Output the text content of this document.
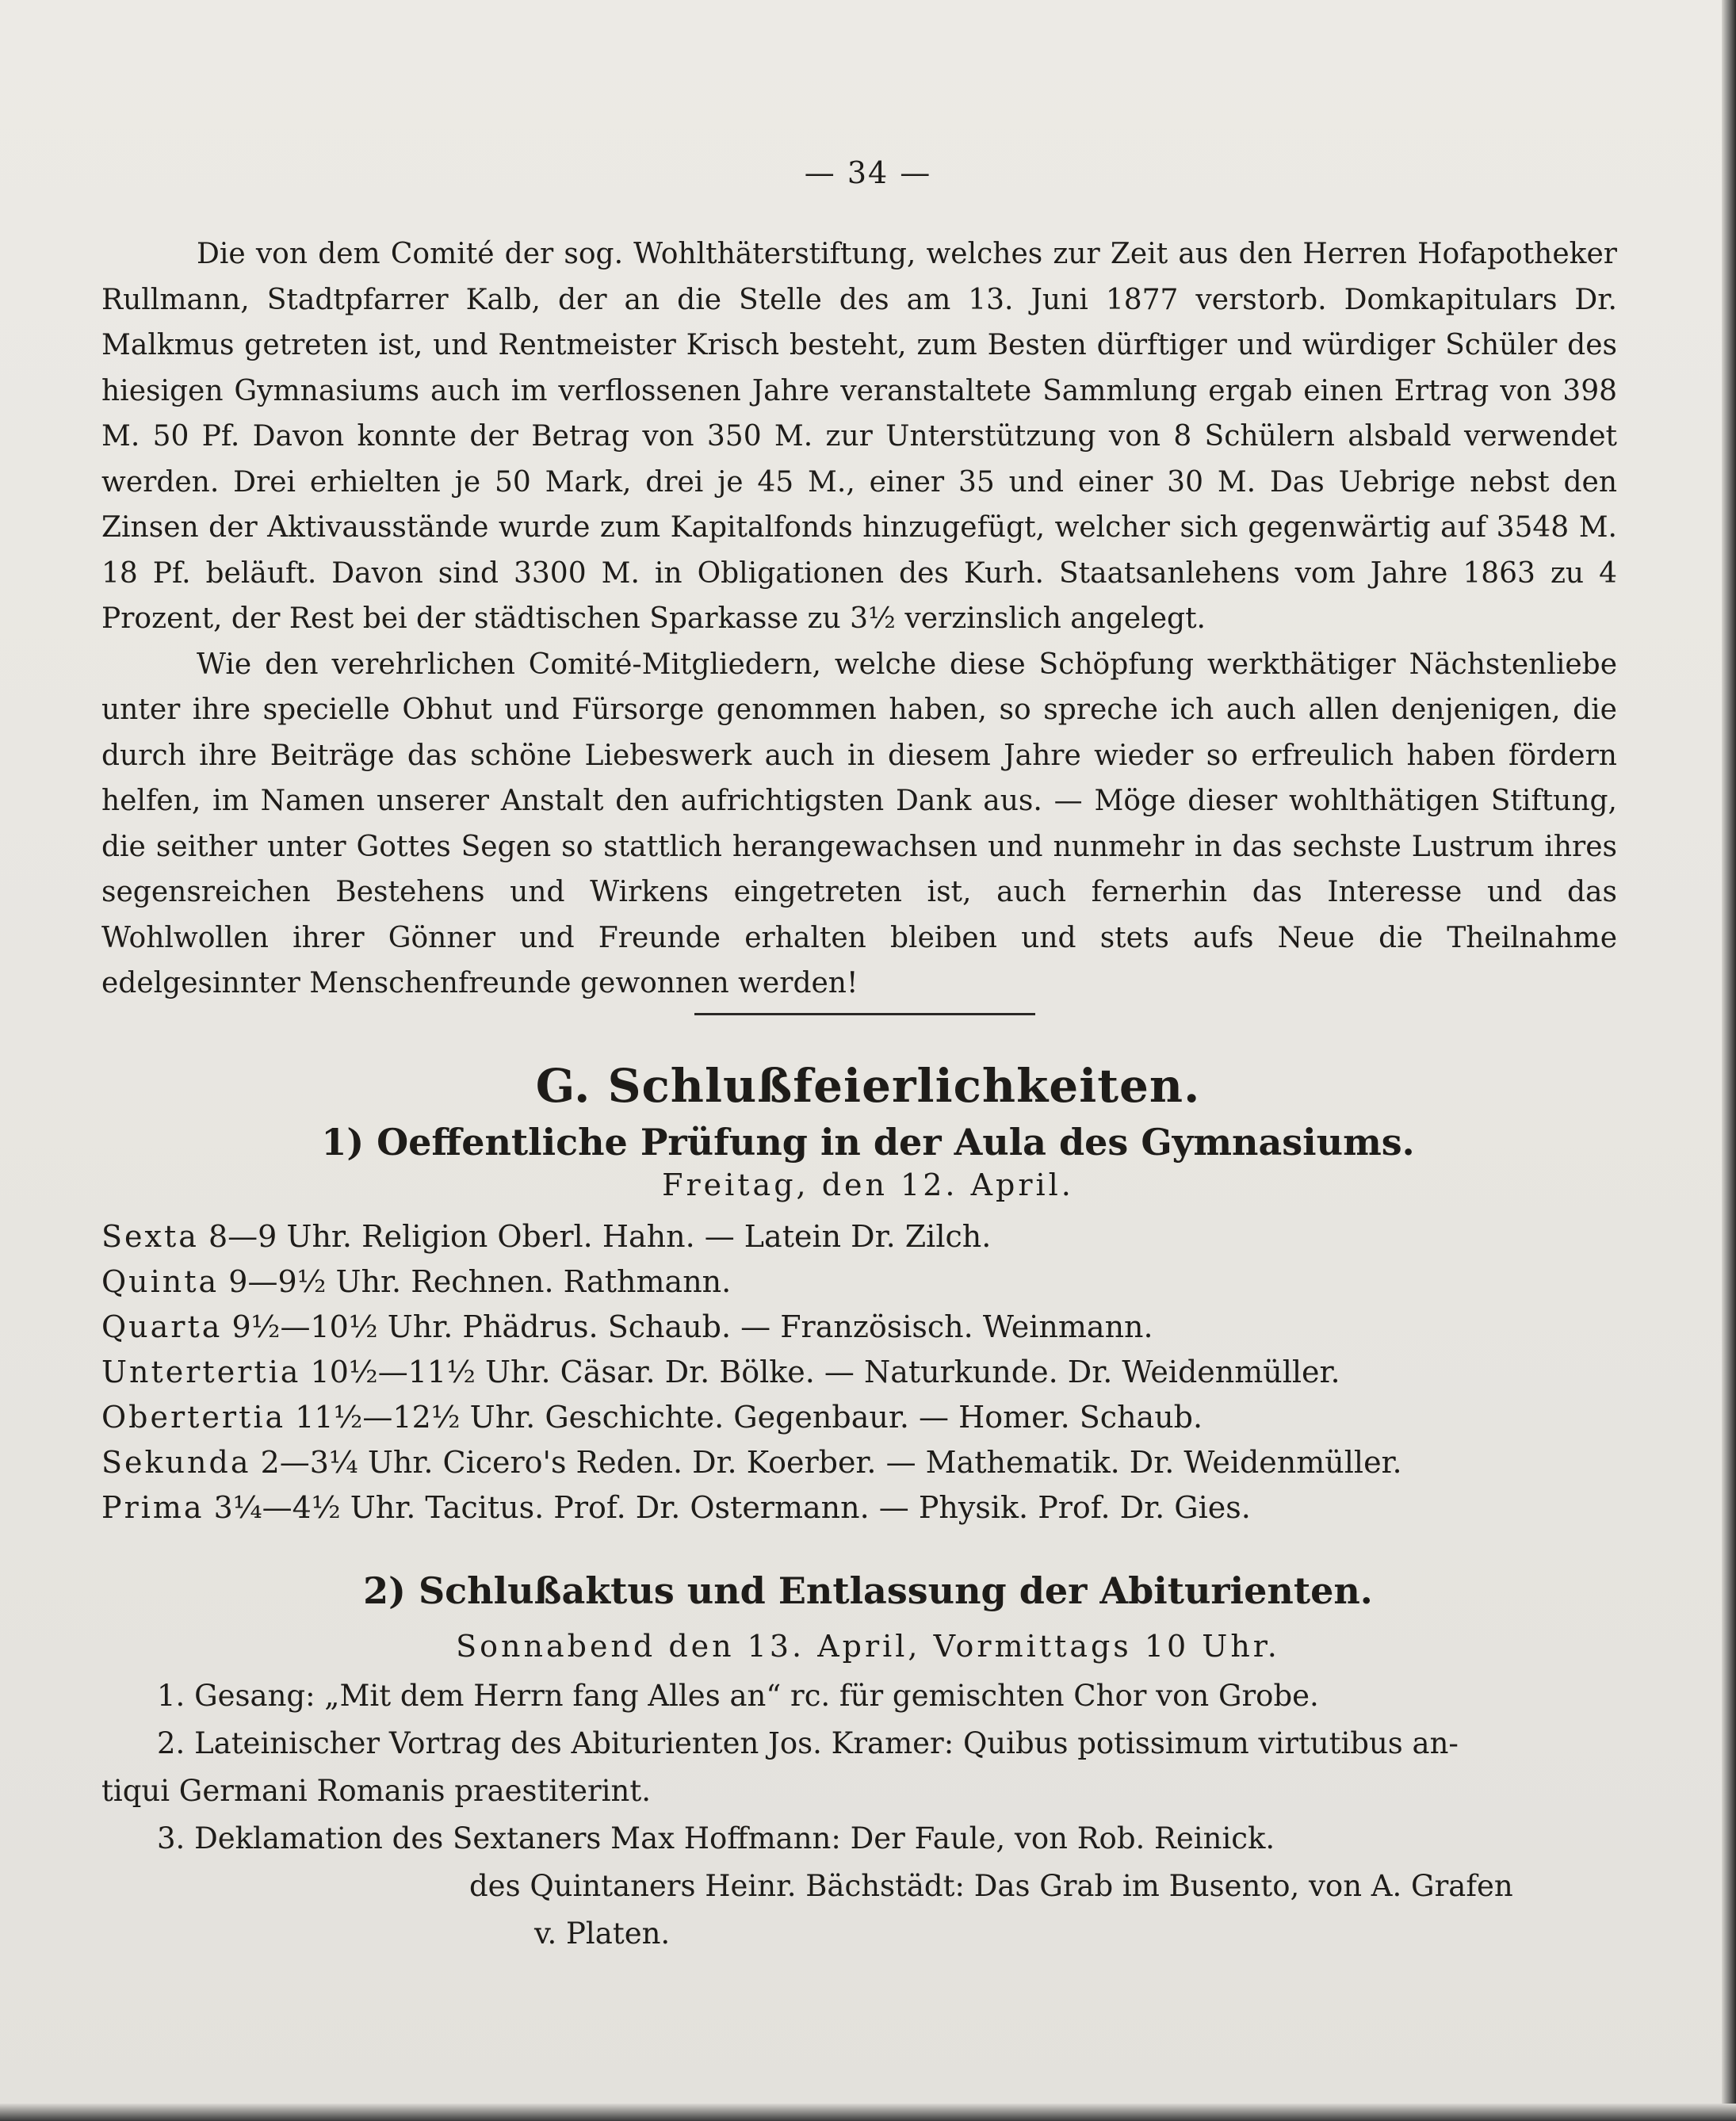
— 34 —

Die von dem Comité der sog. Wohlthäterstiftung, welches zur Zeit aus den Herren Hofapotheker Rullmann, Stadtpfarrer Kalb, der an die Stelle des am 13. Juni 1877 verstorb. Domkapitulars Dr. Malkmus getreten ist, und Rentmeister Krisch besteht, zum Besten dürftiger und würdiger Schüler des hiesigen Gymnasiums auch im verflossenen Jahre veranstaltete Sammlung ergab einen Ertrag von 398 M. 50 Pf. Davon konnte der Betrag von 350 M. zur Unterstützung von 8 Schülern alsbald verwendet werden. Drei erhielten je 50 Mark, drei je 45 M., einer 35 und einer 30 M. Das Uebrige nebst den Zinsen der Aktivausstände wurde zum Kapitalfonds hinzugefügt, welcher sich gegenwärtig auf 3548 M. 18 Pf. beläuft. Davon sind 3300 M. in Obligationen des Kurh. Staatsanlehens vom Jahre 1863 zu 4 Prozent, der Rest bei der städtischen Sparkasse zu 3½ verzinslich angelegt.

Wie den verehrlichen Comité-Mitgliedern, welche diese Schöpfung werkthätiger Nächstenliebe unter ihre specielle Obhut und Fürsorge genommen haben, so spreche ich auch allen denjenigen, die durch ihre Beiträge das schöne Liebeswerk auch in diesem Jahre wieder so erfreulich haben fördern helfen, im Namen unserer Anstalt den aufrichtigsten Dank aus. — Möge dieser wohlthätigen Stiftung, die seither unter Gottes Segen so stattlich herangewachsen und nunmehr in das sechste Lustrum ihres segensreichen Bestehens und Wirkens eingetreten ist, auch fernerhin das Interesse und das Wohlwollen ihrer Gönner und Freunde erhalten bleiben und stets aufs Neue die Theilnahme edelgesinnter Menschenfreunde gewonnen werden!

G. Schlußfeierlichkeiten.
1) Oeffentliche Prüfung in der Aula des Gymnasiums.
Freitag, den 12. April.
Sexta 8—9 Uhr. Religion Oberl. Hahn. — Latein Dr. Zilch.
Quinta 9—9½ Uhr. Rechnen. Rathmann.
Quarta 9½—10½ Uhr. Phädrus. Schaub. — Französisch. Weinmann.
Untertertia 10½—11½ Uhr. Cäsar. Dr. Bölke. — Naturkunde. Dr. Weidenmüller.
Obertertia 11½—12½ Uhr. Geschichte. Gegenbaur. — Homer. Schaub.
Sekunda 2—3¼ Uhr. Cicero's Reden. Dr. Koerber. — Mathematik. Dr. Weidenmüller.
Prima 3¼—4½ Uhr. Tacitus. Prof. Dr. Ostermann. — Physik. Prof. Dr. Gies.
2) Schlußaktus und Entlassung der Abiturienten.
Sonnabend den 13. April, Vormittags 10 Uhr.
1. Gesang: „Mit dem Herrn fang Alles an“ rc. für gemischten Chor von Grobe.
2. Lateinischer Vortrag des Abiturienten Jos. Kramer: Quibus potissimum virtutibus an-
tiqui Germani Romanis praestiterint.
3. Deklamation des Sextaners Max Hoffmann: Der Faule, von Rob. Reinick.
des Quintaners Heinr. Bächstädt: Das Grab im Busento, von A. Grafen
v. Platen.
